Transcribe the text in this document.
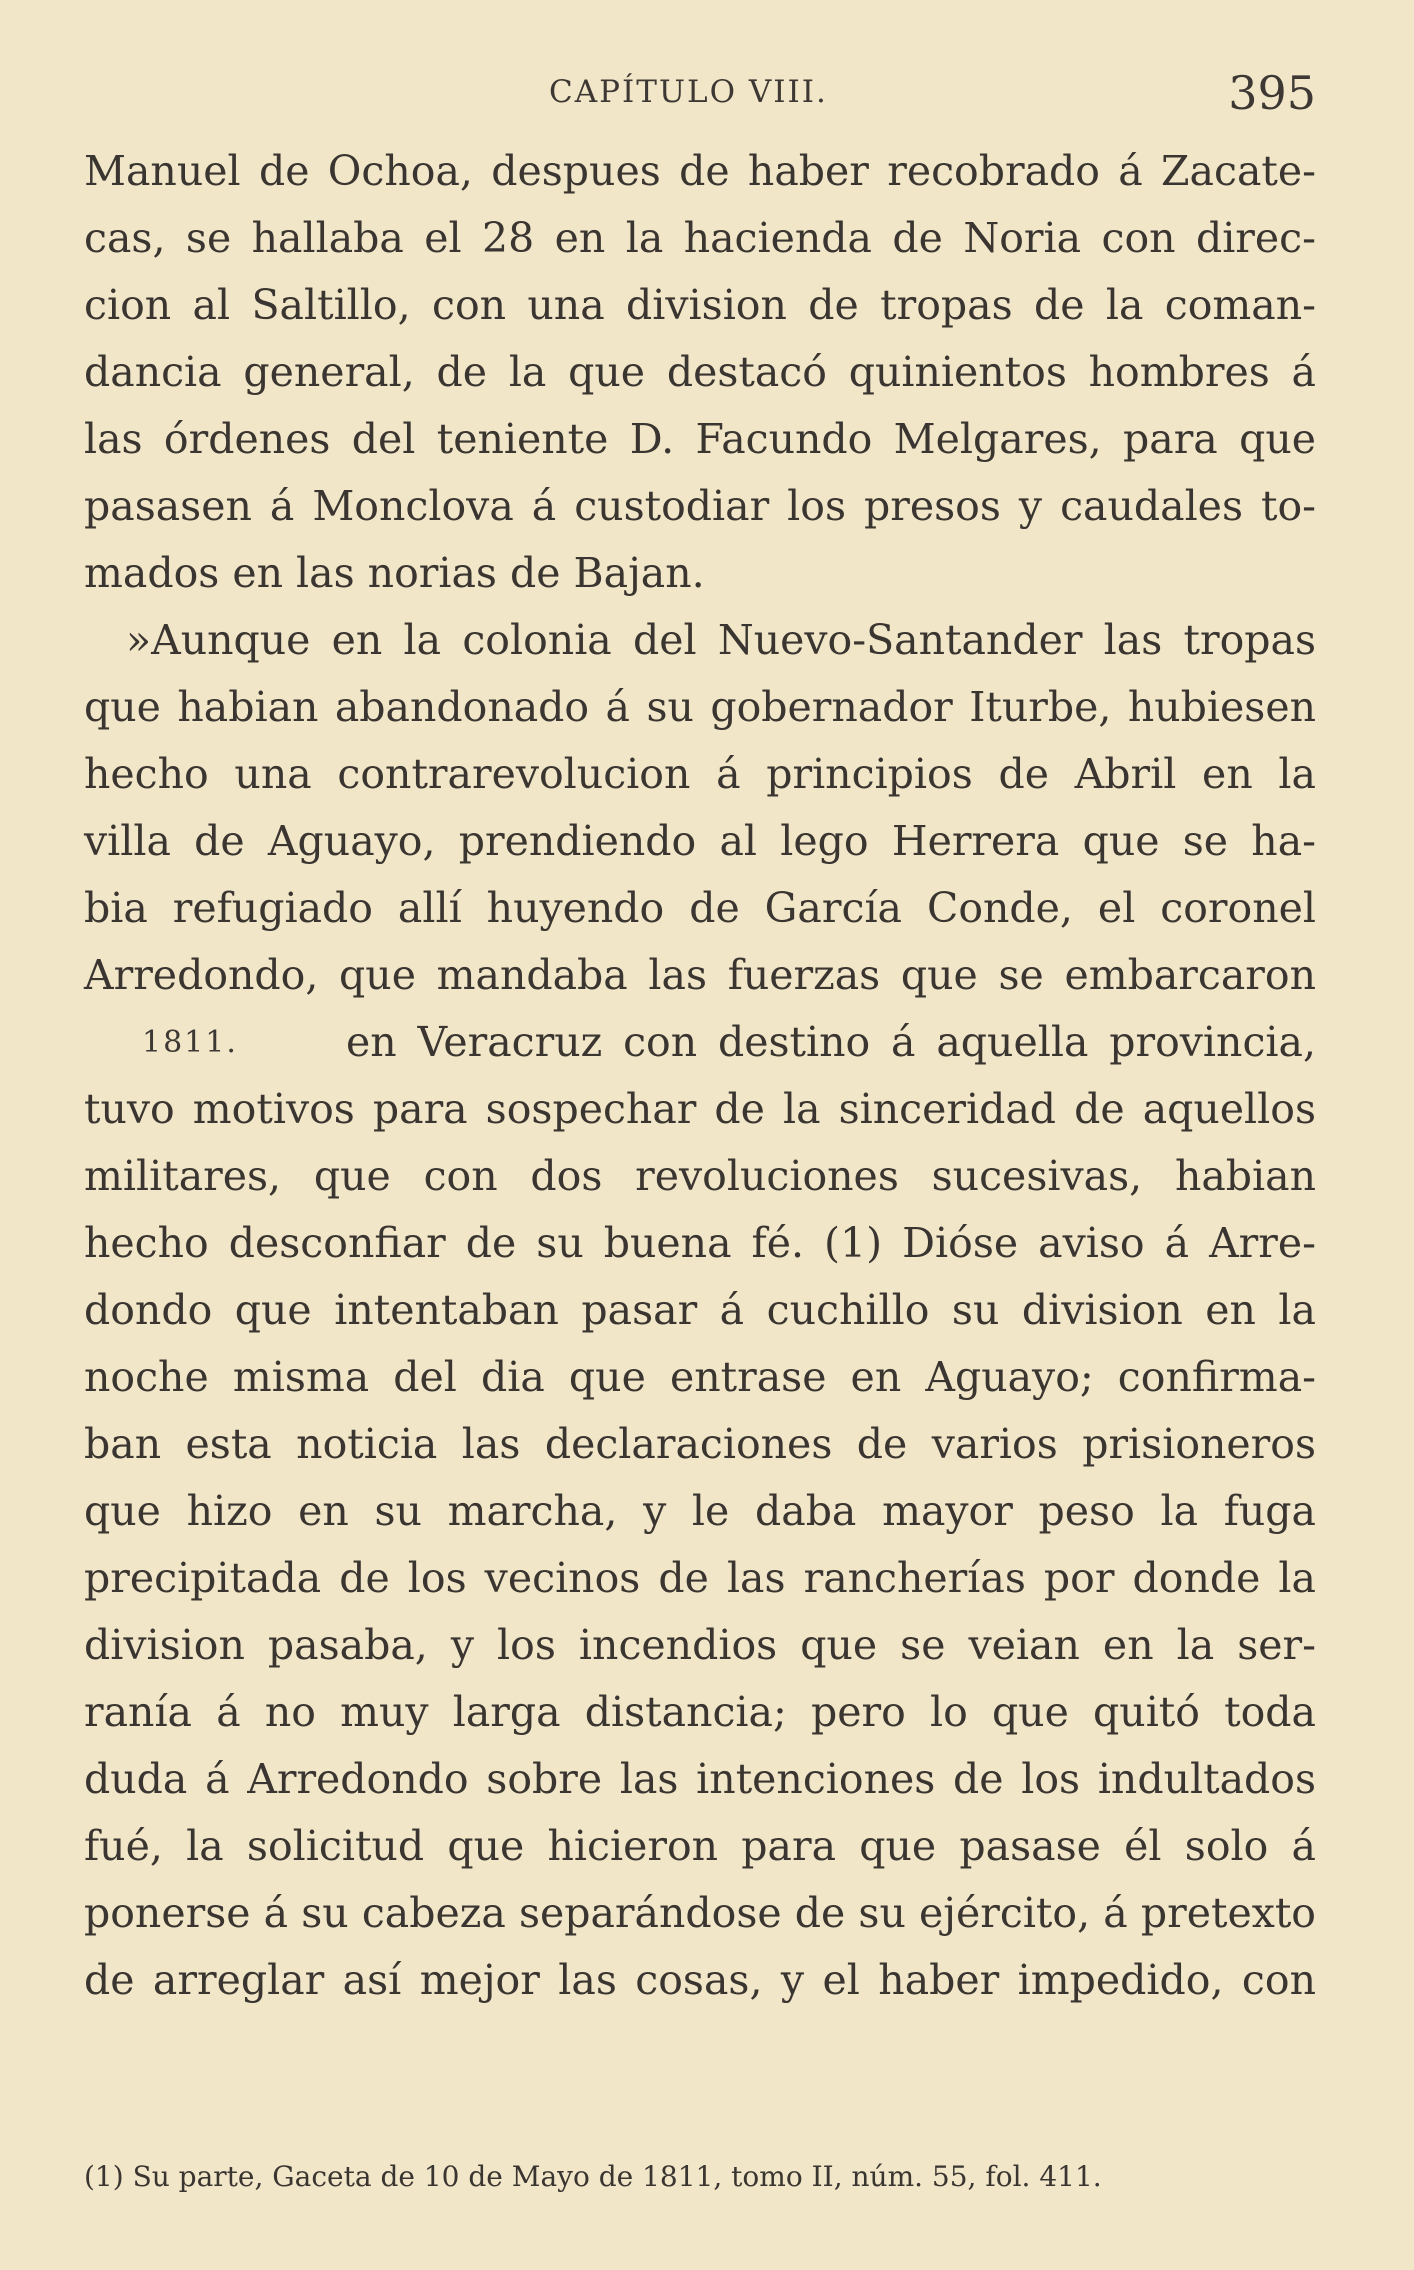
CAPÍTULO VIII.	395
Manuel de Ochoa, despues de haber recobrado á Zacate-
cas, se hallaba el 28 en la hacienda de Noria con direc-
cion al Saltillo, con una division de tropas de la coman-
dancia general, de la que destacó quinientos hombres á
las órdenes del teniente D. Facundo Melgares, para que
pasasen á Monclova á custodiar los presos y caudales to-
mados en las norias de Bajan.
»Aunque en la colonia del Nuevo-Santander las tropas
que habian abandonado á su gobernador Iturbe, hubiesen
hecho una contrarevolucion á principios de Abril en la
villa de Aguayo, prendiendo al lego Herrera que se ha-
bia refugiado allí huyendo de García Conde, el coronel
Arredondo, que mandaba las fuerzas que se embarcaron
1811.	en Veracruz con destino á aquella provincia,
tuvo motivos para sospechar de la sinceridad de aquellos
militares, que con dos revoluciones sucesivas, habian
hecho desconfiar de su buena fé. (1) Dióse aviso á Arre-
dondo que intentaban pasar á cuchillo su division en la
noche misma del dia que entrase en Aguayo; confirma-
ban esta noticia las declaraciones de varios prisioneros
que hizo en su marcha, y le daba mayor peso la fuga
precipitada de los vecinos de las rancherías por donde la
division pasaba, y los incendios que se veian en la ser-
ranía á no muy larga distancia; pero lo que quitó toda
duda á Arredondo sobre las intenciones de los indultados
fué, la solicitud que hicieron para que pasase él solo á
ponerse á su cabeza separándose de su ejército, á pretexto
de arreglar así mejor las cosas, y el haber impedido, con
(1) Su parte, Gaceta de 10 de Mayo de 1811, tomo II, núm. 55, fol. 411.
